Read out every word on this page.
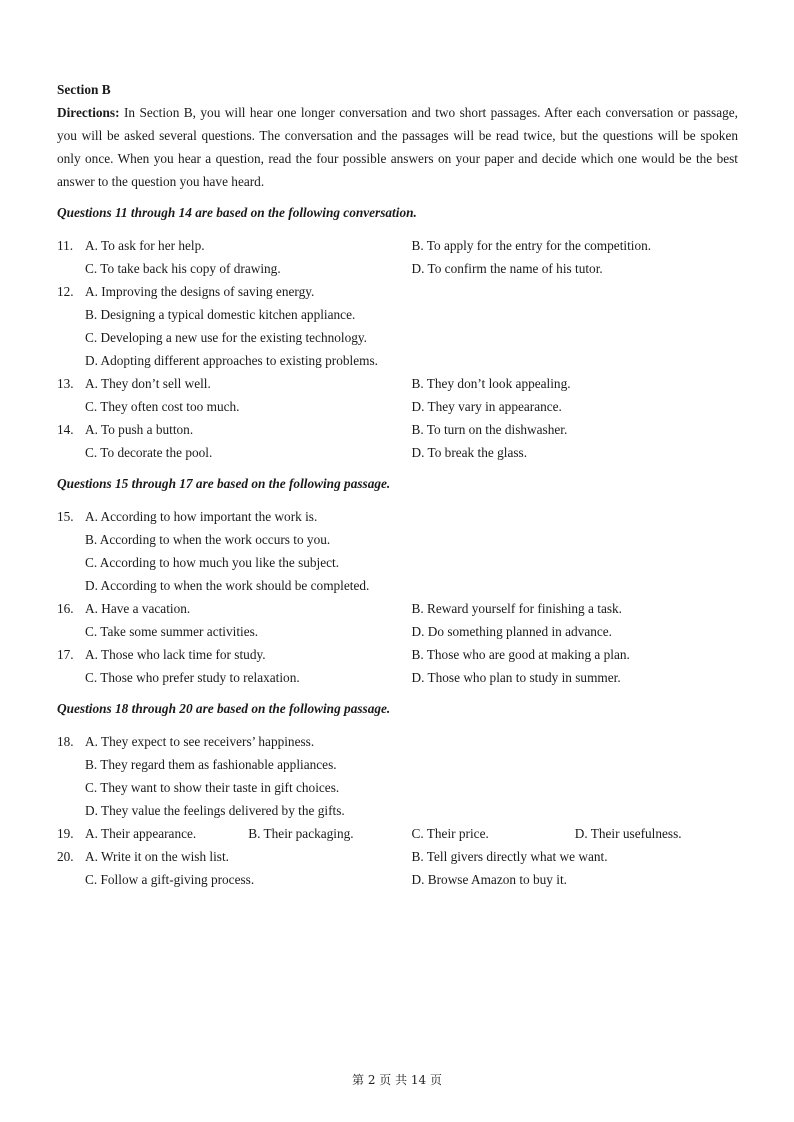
Section B

Directions: In Section B, you will hear one longer conversation and two short passages. After each conversation or passage, you will be asked several questions. The conversation and the passages will be read twice, but the questions will be spoken only once. When you hear a question, read the four possible answers on your paper and decide which one would be the best answer to the question you have heard.

Questions 11 through 14 are based on the following conversation.

11. A. To ask for her help.	B. To apply for the entry for the competition.
C. To take back his copy of drawing.	D. To confirm the name of his tutor.
12. A. Improving the designs of saving energy.
B. Designing a typical domestic kitchen appliance.
C. Developing a new use for the existing technology.
D. Adopting different approaches to existing problems.
13. A. They don’t sell well.	B. They don’t look appealing.
C. They often cost too much.	D. They vary in appearance.
14. A. To push a button.	B. To turn on the dishwasher.
C. To decorate the pool.	D. To break the glass.

Questions 15 through 17 are based on the following passage.

15. A. According to how important the work is.
B. According to when the work occurs to you.
C. According to how much you like the subject.
D. According to when the work should be completed.
16. A. Have a vacation.	B. Reward yourself for finishing a task.
C. Take some summer activities.	D. Do something planned in advance.
17. A. Those who lack time for study.	B. Those who are good at making a plan.
C. Those who prefer study to relaxation.	D. Those who plan to study in summer.

Questions 18 through 20 are based on the following passage.

18. A. They expect to see receivers’ happiness.
B. They regard them as fashionable appliances.
C. They want to show their taste in gift choices.
D. They value the feelings delivered by the gifts.
19. A. Their appearance.	B. Their packaging.	C. Their price.	D. Their usefulness.
20. A. Write it on the wish list.	B. Tell givers directly what we want.
C. Follow a gift-giving process.	D. Browse Amazon to buy it.
第 2 页 共 14 页
